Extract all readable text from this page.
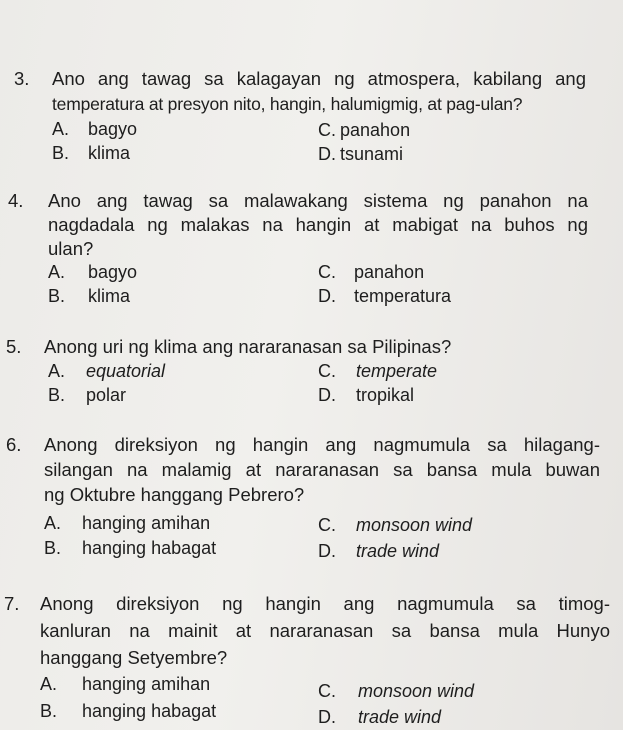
3. Ano ang tawag sa kalagayan ng atmospera, kabilang ang
temperatura at presyon nito, hangin, halumigmig, at pag-ulan?
A. bagyo	C. panahon
B. klima	D. tsunami
4. Ano ang tawag sa malawakang sistema ng panahon na
nagdadala ng malakas na hangin at mabigat na buhos ng
ulan?
A. bagyo	C. panahon
B. klima	D. temperatura
5. Anong uri ng klima ang nararanasan sa Pilipinas?
A. equatorial	C. temperate
B. polar	D. tropikal
6. Anong direksiyon ng hangin ang nagmumula sa hilagang-
silangan na malamig at nararanasan sa bansa mula buwan
ng Oktubre hanggang Pebrero?
A. hanging amihan	C. monsoon wind
B. hanging habagat	D. trade wind
7. Anong direksiyon ng hangin ang nagmumula sa timog-
kanluran na mainit at nararanasan sa bansa mula Hunyo
hanggang Setyembre?
A. hanging amihan	C. monsoon wind
B. hanging habagat	D. trade wind
